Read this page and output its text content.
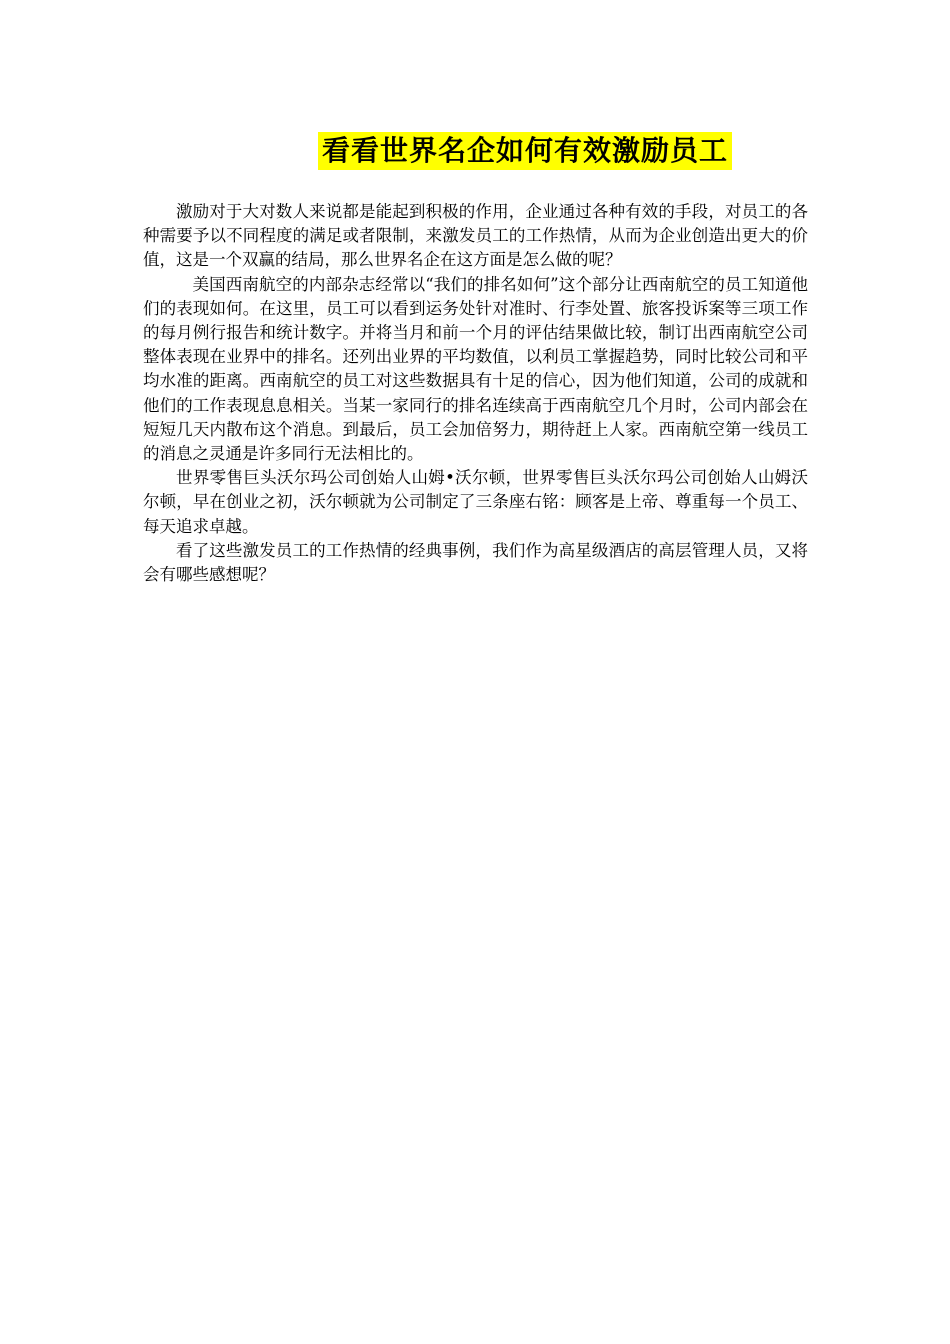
看看世界名企如何有效激励员工

激励对于大对数人来说都是能起到积极的作用，企业通过各种有效的手段，对员工的各种需要予以不同程度的满足或者限制，来激发员工的工作热情，从而为企业创造出更大的价值，这是一个双赢的结局，那么世界名企在这方面是怎么做的呢？

美国西南航空的内部杂志经常以“我们的排名如何”这个部分让西南航空的员工知道他们的表现如何。在这里，员工可以看到运务处针对准时、行李处置、旅客投诉案等三项工作的每月例行报告和统计数字。并将当月和前一个月的评估结果做比较，制订出西南航空公司整体表现在业界中的排名。还列出业界的平均数值，以利员工掌握趋势，同时比较公司和平均水准的距离。西南航空的员工对这些数据具有十足的信心，因为他们知道，公司的成就和他们的工作表现息息相关。当某一家同行的排名连续高于西南航空几个月时，公司内部会在短短几天内散布这个消息。到最后，员工会加倍努力，期待赶上人家。西南航空第一线员工的消息之灵通是许多同行无法相比的。

世界零售巨头沃尔玛公司创始人山姆•沃尔顿，世界零售巨头沃尔玛公司创始人山姆沃尔顿，早在创业之初，沃尔顿就为公司制定了三条座右铭：顾客是上帝、尊重每一个员工、每天追求卓越。

看了这些激发员工的工作热情的经典事例，我们作为高星级酒店的高层管理人员，又将会有哪些感想呢？
